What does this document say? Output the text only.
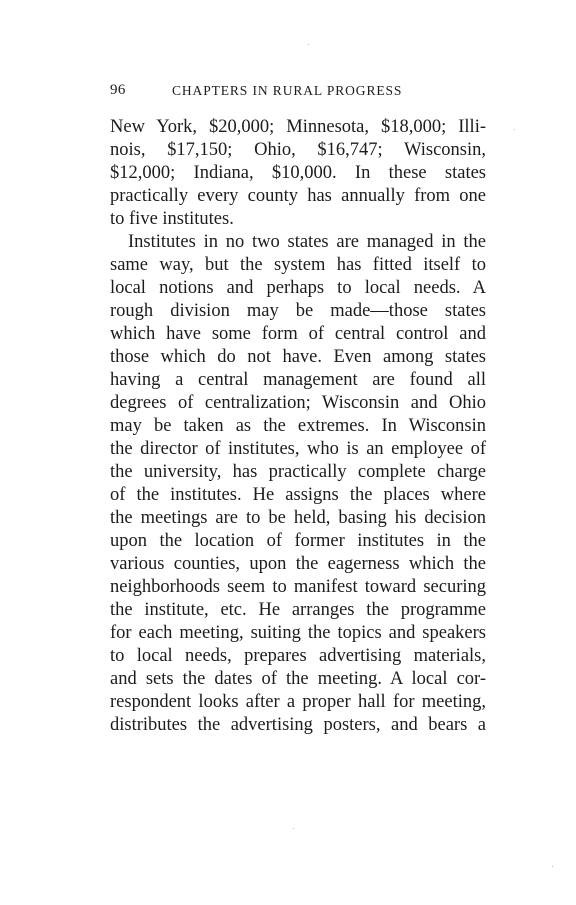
96	CHAPTERS IN RURAL PROGRESS
New York, $20,000; Minnesota, $18,000; Illi-
nois, $17,150; Ohio, $16,747; Wisconsin,
$12,000; Indiana, $10,000. In these states
practically every county has annually from one
to five institutes.
Institutes in no two states are managed in the
same way, but the system has fitted itself to
local notions and perhaps to local needs. A
rough division may be made—those states
which have some form of central control and
those which do not have. Even among states
having a central management are found all
degrees of centralization; Wisconsin and Ohio
may be taken as the extremes. In Wisconsin
the director of institutes, who is an employee of
the university, has practically complete charge
of the institutes. He assigns the places where
the meetings are to be held, basing his decision
upon the location of former institutes in the
various counties, upon the eagerness which the
neighborhoods seem to manifest toward securing
the institute, etc. He arranges the programme
for each meeting, suiting the topics and speakers
to local needs, prepares advertising materials,
and sets the dates of the meeting. A local cor-
respondent looks after a proper hall for meeting,
distributes the advertising posters, and bears a
